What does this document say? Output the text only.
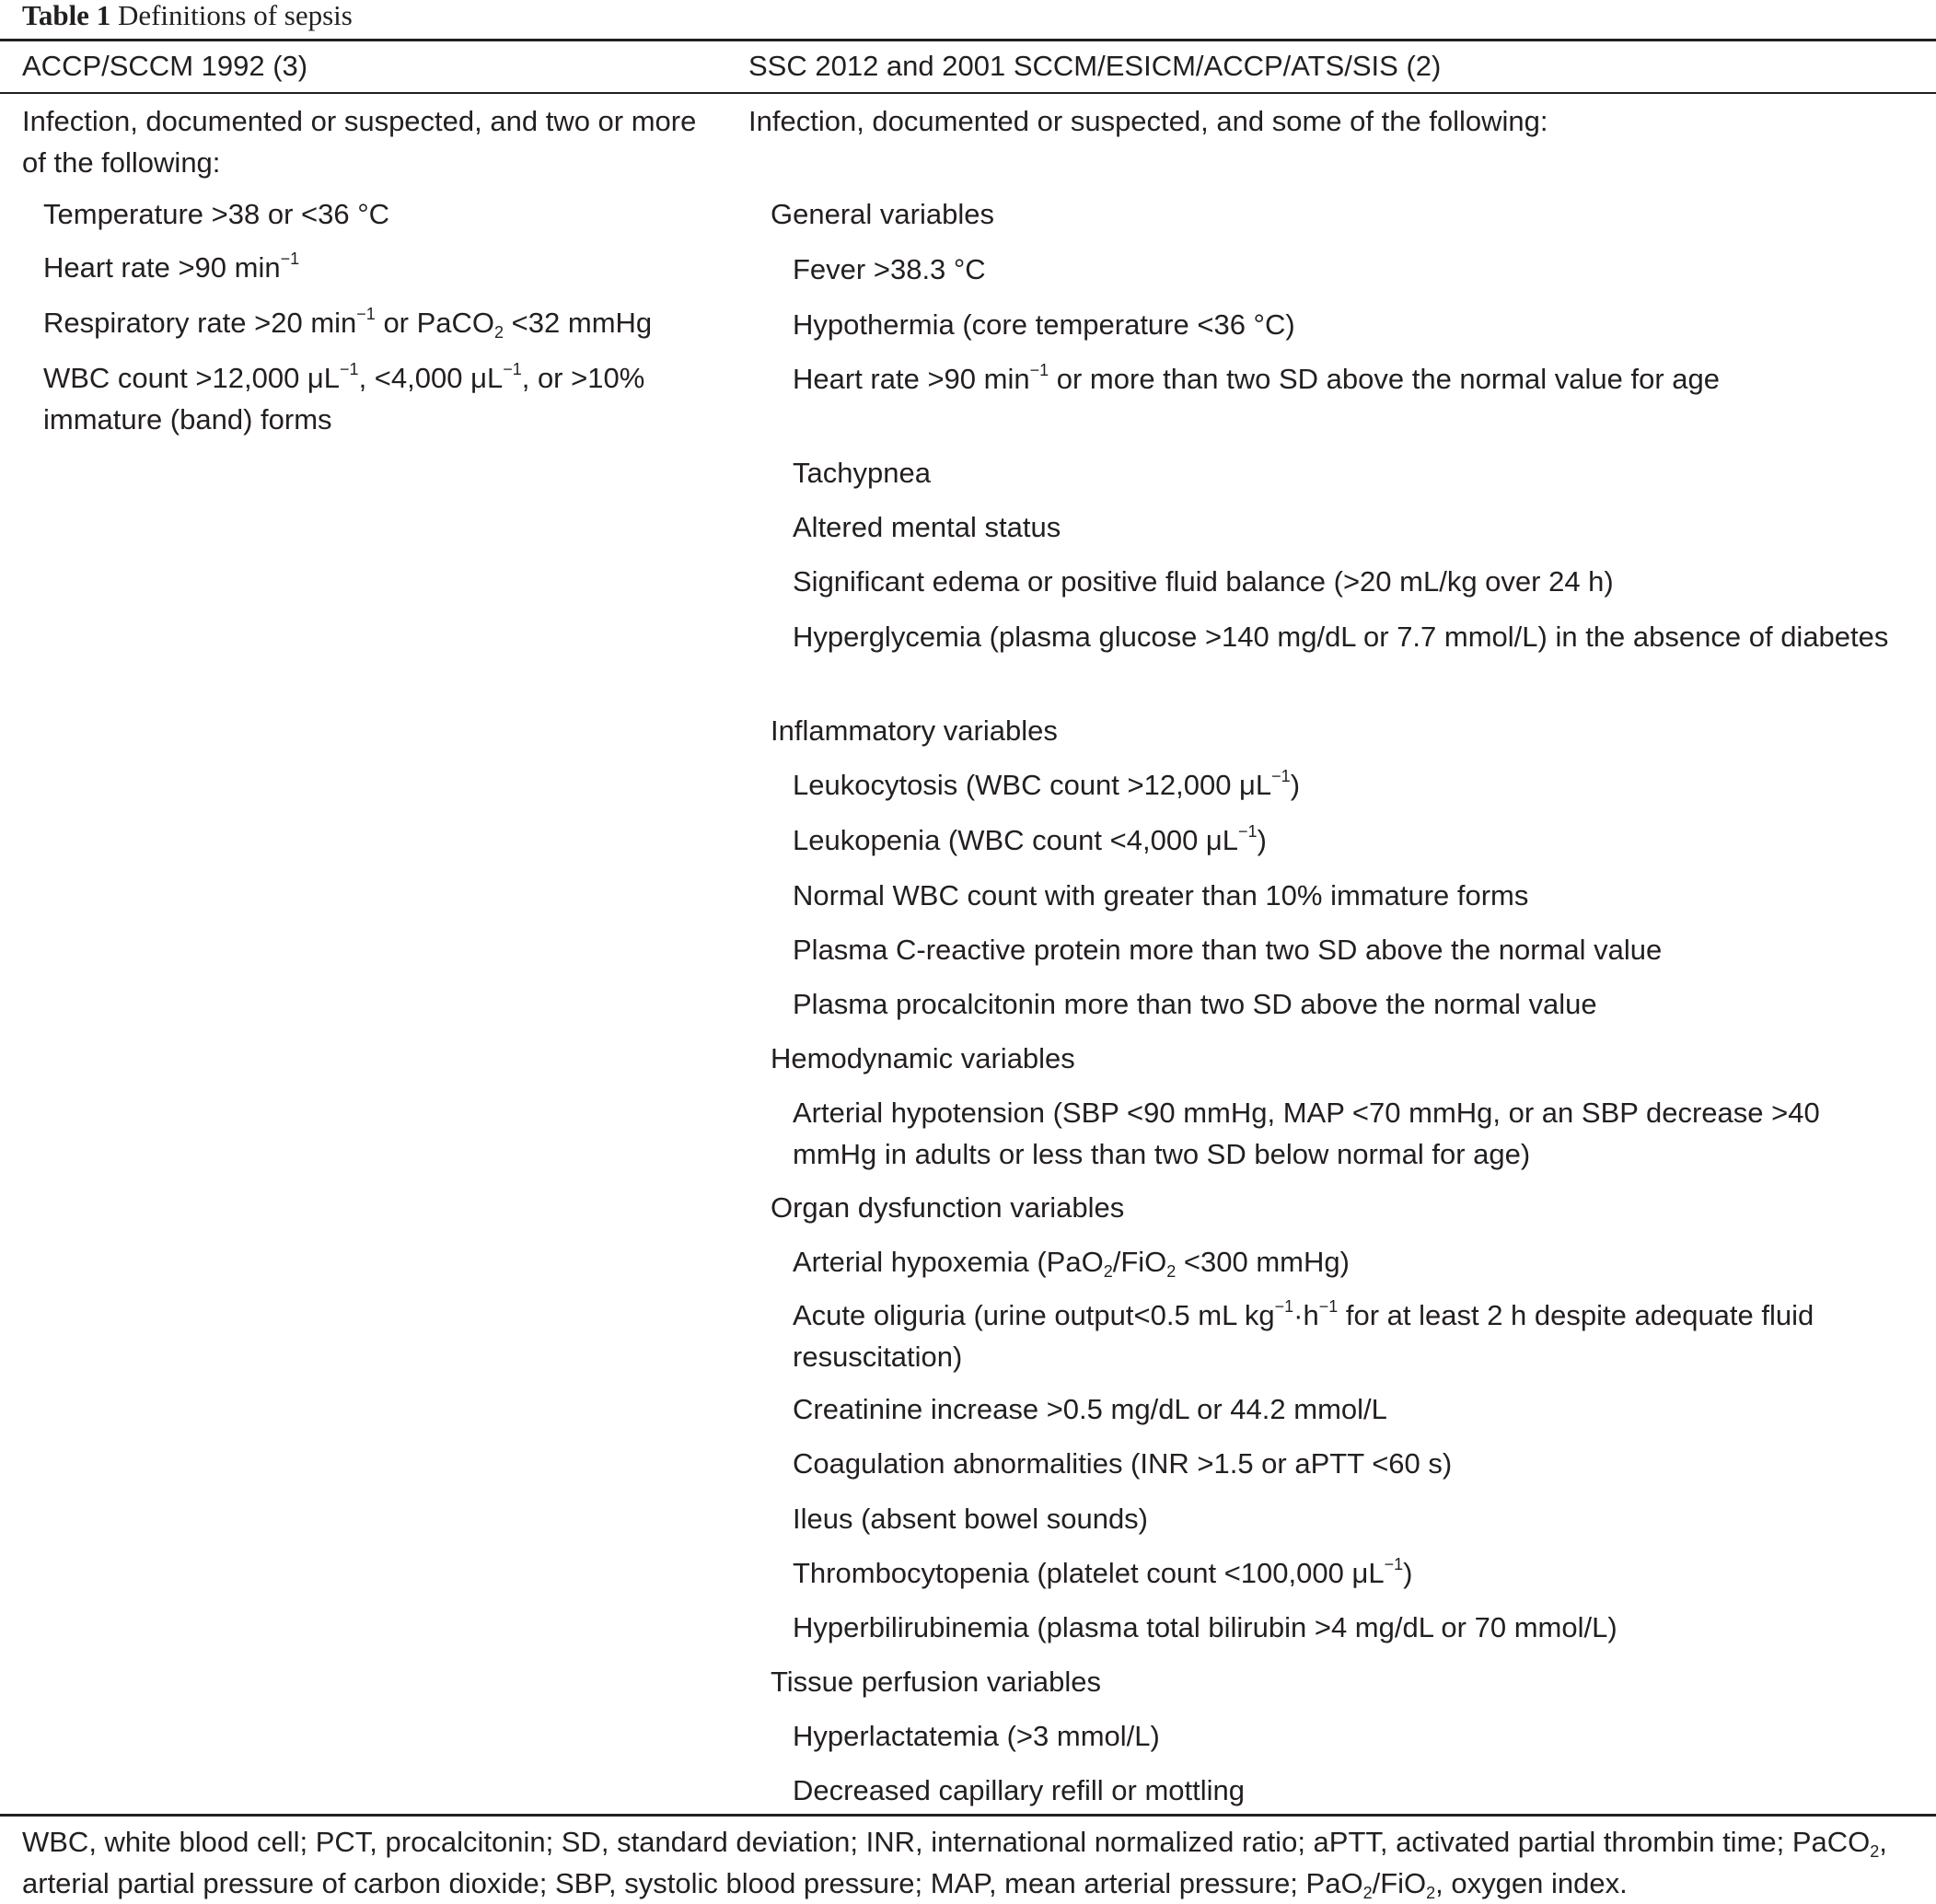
Table 1 Definitions of sepsis
ACCP/SCCM 1992 (3)	SSC 2012 and 2001 SCCM/ESICM/ACCP/ATS/SIS (2)
Infection, documented or suspected, and two or more of the following:
Temperature >38 or <36 °C
Heart rate >90 $\min^{-1}$
Respiratory rate >20 $\min^{-1}$ or PaCO$_2$ <32 mmHg
WBC count >12,000 $\mu L^{-1}$, <4,000 $\mu L^{-1}$, or >10% immature (band) forms
Infection, documented or suspected, and some of the following:
General variables
Fever >38.3 °C
Hypothermia (core temperature <36 °C)
Heart rate >90 $\min^{-1}$ or more than two SD above the normal value for age
Tachypnea
Altered mental status
Significant edema or positive fluid balance (>20 mL/kg over 24 h)
Hyperglycemia (plasma glucose >140 mg/dL or 7.7 mmol/L) in the absence of diabetes
Inflammatory variables
Leukocytosis (WBC count >12,000 $\mu L^{-1}$)
Leukopenia (WBC count <4,000 $\mu L^{-1}$)
Normal WBC count with greater than 10% immature forms
Plasma C-reactive protein more than two SD above the normal value
Plasma procalcitonin more than two SD above the normal value
Hemodynamic variables
Arterial hypotension (SBP <90 mmHg, MAP <70 mmHg, or an SBP decrease >40 mmHg in adults or less than two SD below normal for age)
Organ dysfunction variables
Arterial hypoxemia (PaO$_2$/FiO$_2$ <300 mmHg)
Acute oliguria (urine output<0.5 mL $kg^{-1}\cdot h^{-1}$ for at least 2 h despite adequate fluid resuscitation)
Creatinine increase >0.5 mg/dL or 44.2 mmol/L
Coagulation abnormalities (INR >1.5 or aPTT <60 s)
Ileus (absent bowel sounds)
Thrombocytopenia (platelet count <100,000 $\mu L^{-1}$)
Hyperbilirubinemia (plasma total bilirubin >4 mg/dL or 70 mmol/L)
Tissue perfusion variables
Hyperlactatemia (>3 mmol/L)
Decreased capillary refill or mottling
WBC, white blood cell; PCT, procalcitonin; SD, standard deviation; INR, international normalized ratio; aPTT, activated partial thrombin time; PaCO$_2$, arterial partial pressure of carbon dioxide; SBP, systolic blood pressure; MAP, mean arterial pressure; PaO$_2$/FiO$_2$, oxygen index.
